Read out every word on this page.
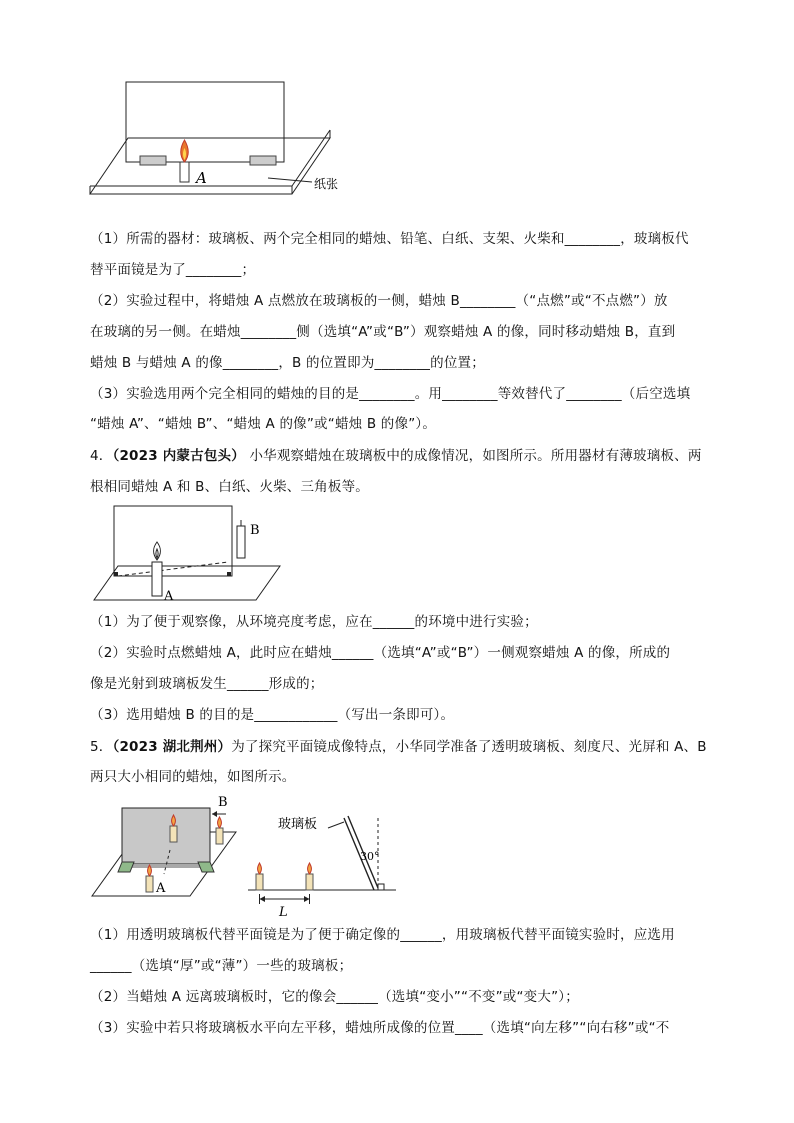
A	纸张
（1）所需的器材：玻璃板、两个完全相同的蜡烛、铅笔、白纸、支架、火柴和________，玻璃板代
替平面镜是为了________；
（2）实验过程中，将蜡烛 A 点燃放在玻璃板的一侧，蜡烛 B________（“点燃”或“不点燃”）放
在玻璃的另一侧。在蜡烛________侧（选填“A”或“B”）观察蜡烛 A 的像，同时移动蜡烛 B，直到
蜡烛 B 与蜡烛 A 的像________，B 的位置即为________的位置；
（3）实验选用两个完全相同的蜡烛的目的是________。用________等效替代了________（后空选填
“蜡烛 A”、“蜡烛 B”、“蜡烛 A 的像”或“蜡烛 B 的像”）。
4．（2023 内蒙古包头） 小华观察蜡烛在玻璃板中的成像情况，如图所示。所用器材有薄玻璃板、两
根相同蜡烛 A 和 B、白纸、火柴、三角板等。
B
A
（1）为了便于观察像，从环境亮度考虑，应在______的环境中进行实验；
（2）实验时点燃蜡烛 A，此时应在蜡烛______（选填“A”或“B”）一侧观察蜡烛 A 的像，所成的
像是光射到玻璃板发生______形成的；
（3）选用蜡烛 B 的目的是____________（写出一条即可）。
5．（2023 湖北荆州）为了探究平面镜成像特点，小华同学准备了透明玻璃板、刻度尺、光屏和 A、B
两只大小相同的蜡烛，如图所示。
B
A
玻璃板
30°
L
（1）用透明玻璃板代替平面镜是为了便于确定像的______，用玻璃板代替平面镜实验时，应选用
______（选填“厚”或“薄”）一些的玻璃板；
（2）当蜡烛 A 远离玻璃板时，它的像会______（选填“变小”“不变”或“变大”）；
（3）实验中若只将玻璃板水平向左平移，蜡烛所成像的位置____（选填“向左移”“向右移”或“不
